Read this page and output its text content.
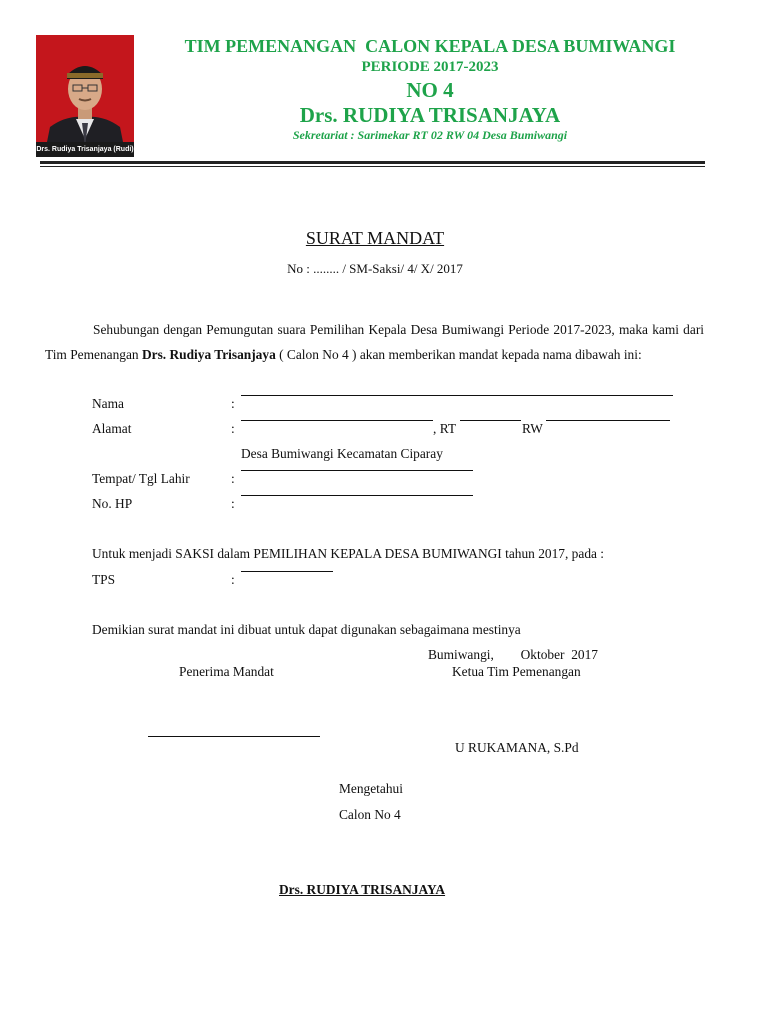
Drs. Rudiya Trisanjaya (Rudi)
TIM PEMENANGAN  CALON KEPALA DESA BUMIWANGI
PERIODE 2017-2023
NO 4
Drs. RUDIYA TRISANJAYA
Sekretariat : Sarimekar RT 02 RW 04 Desa Bumiwangi
SURAT MANDAT
No : ........ / SM-Saksi/ 4/ X/ 2017
Sehubungan dengan Pemungutan suara Pemilihan Kepala Desa Bumiwangi Periode 2017-2023, maka kami dari Tim Pemenangan Drs. Rudiya Trisanjaya ( Calon No 4 ) akan memberikan mandat kepada nama dibawah ini:
Nama	:
Alamat	:	, RT	RW
Desa Bumiwangi Kecamatan Ciparay
Tempat/ Tgl Lahir	:
No. HP	:
Untuk menjadi SAKSI dalam PEMILIHAN KEPALA DESA BUMIWANGI tahun 2017, pada :
TPS	:
Demikian surat mandat ini dibuat untuk dapat digunakan sebagaimana mestinya
Bumiwangi,        Oktober  2017
Penerima Mandat	Ketua Tim Pemenangan
U RUKAMANA, S.Pd
Mengetahui
Calon No 4
Drs. RUDIYA TRISANJAYA
